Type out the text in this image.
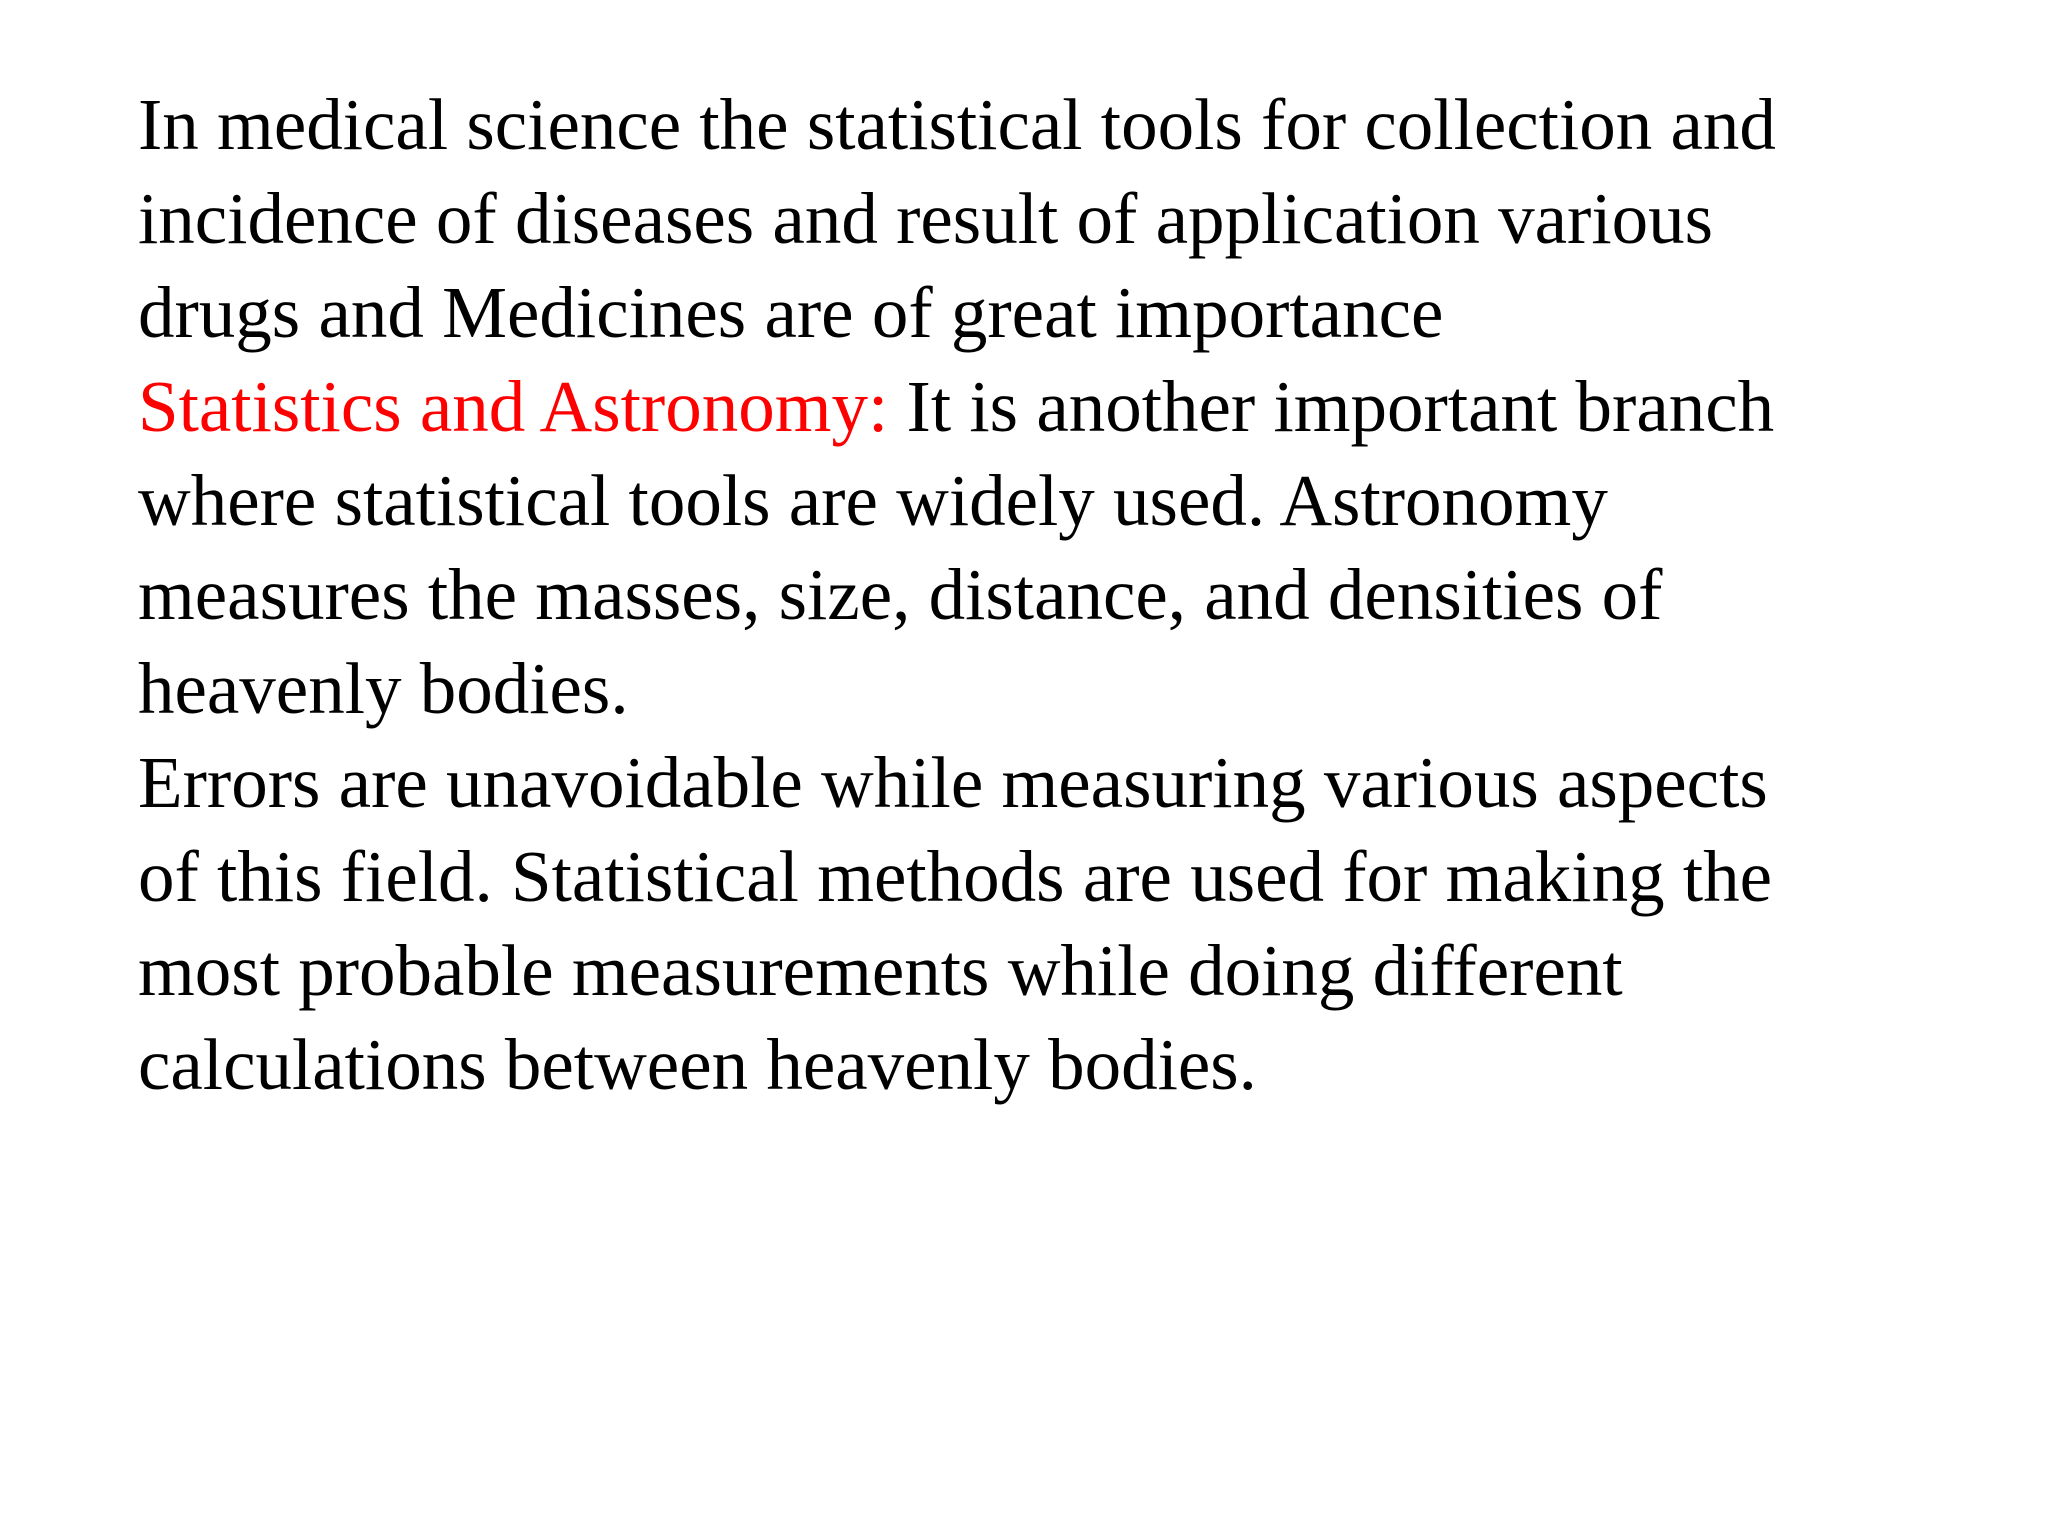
In medical science the statistical tools for collection and
incidence of diseases and result of application various
drugs and Medicines are of great importance
Statistics and Astronomy: It is another important branch
where statistical tools are widely used. Astronomy
measures the masses, size, distance, and densities of
heavenly bodies.
Errors are unavoidable while measuring various aspects
of this field. Statistical methods are used for making the
most probable measurements while doing different
calculations between heavenly bodies.
